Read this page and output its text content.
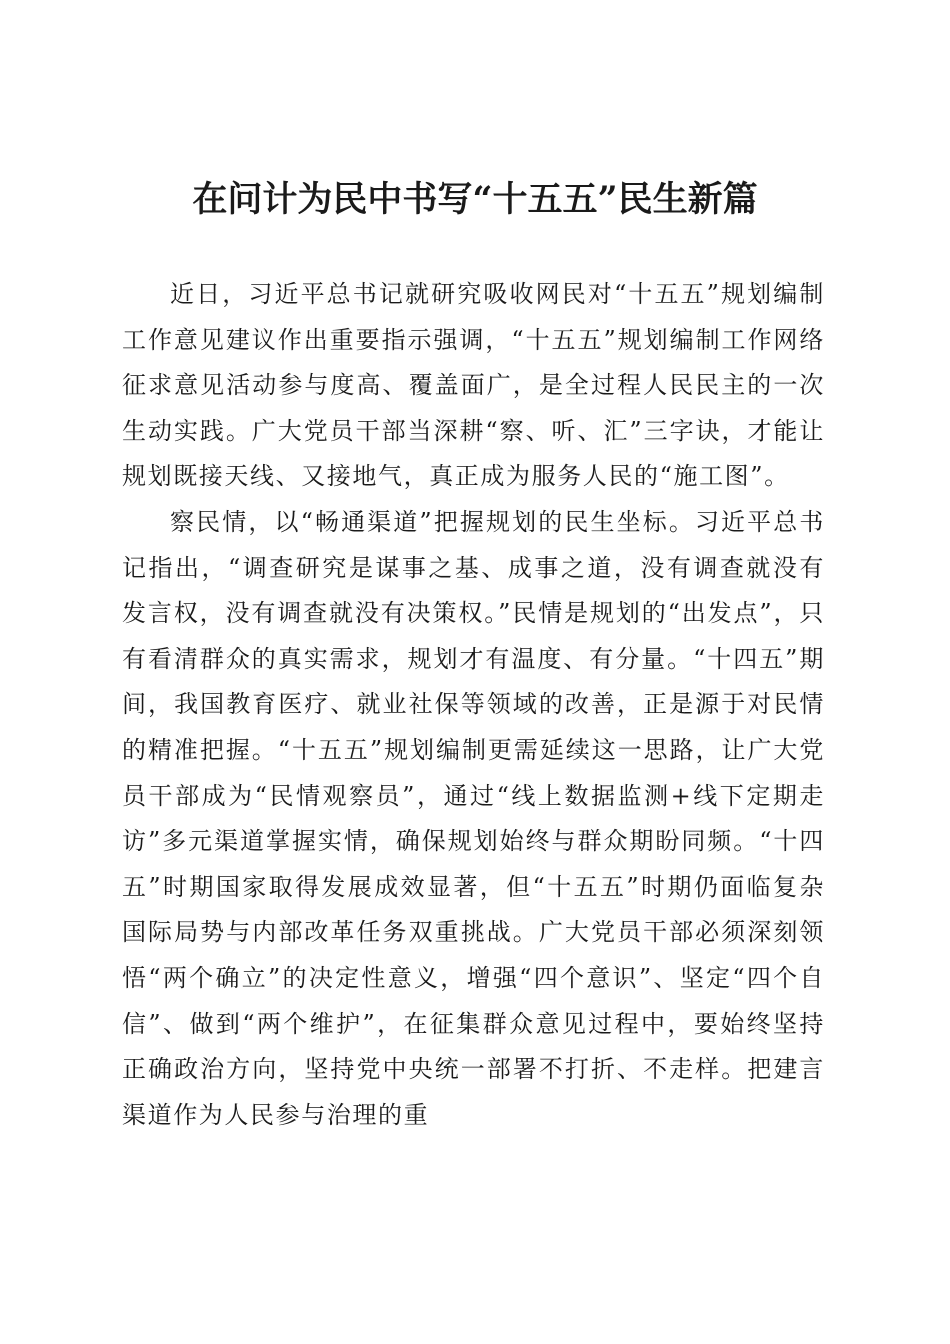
在问计为民中书写“十五五”民生新篇

近日，习近平总书记就研究吸收网民对“十五五”规划编制工作意见建议作出重要指示强调，“十五五”规划编制工作网络征求意见活动参与度高、覆盖面广，是全过程人民民主的一次生动实践。广大党员干部当深耕“察、听、汇”三字诀，才能让规划既接天线、又接地气，真正成为服务人民的“施工图”。

察民情，以“畅通渠道”把握规划的民生坐标。习近平总书记指出，“调查研究是谋事之基、成事之道，没有调查就没有发言权，没有调查就没有决策权。”民情是规划的“出发点”，只有看清群众的真实需求，规划才有温度、有分量。“十四五”期间，我国教育医疗、就业社保等领域的改善，正是源于对民情的精准把握。“十五五”规划编制更需延续这一思路，让广大党员干部成为“民情观察员”，通过“线上数据监测+线下定期走访”多元渠道掌握实情，确保规划始终与群众期盼同频。“十四五”时期国家取得发展成效显著，但“十五五”时期仍面临复杂国际局势与内部改革任务双重挑战。广大党员干部必须深刻领悟“两个确立”的决定性意义，增强“四个意识”、坚定“四个自信”、做到“两个维护”，在征集群众意见过程中，要始终坚持正确政治方向，坚持党中央统一部署不打折、不走样。把建言渠道作为人民参与治理的重
